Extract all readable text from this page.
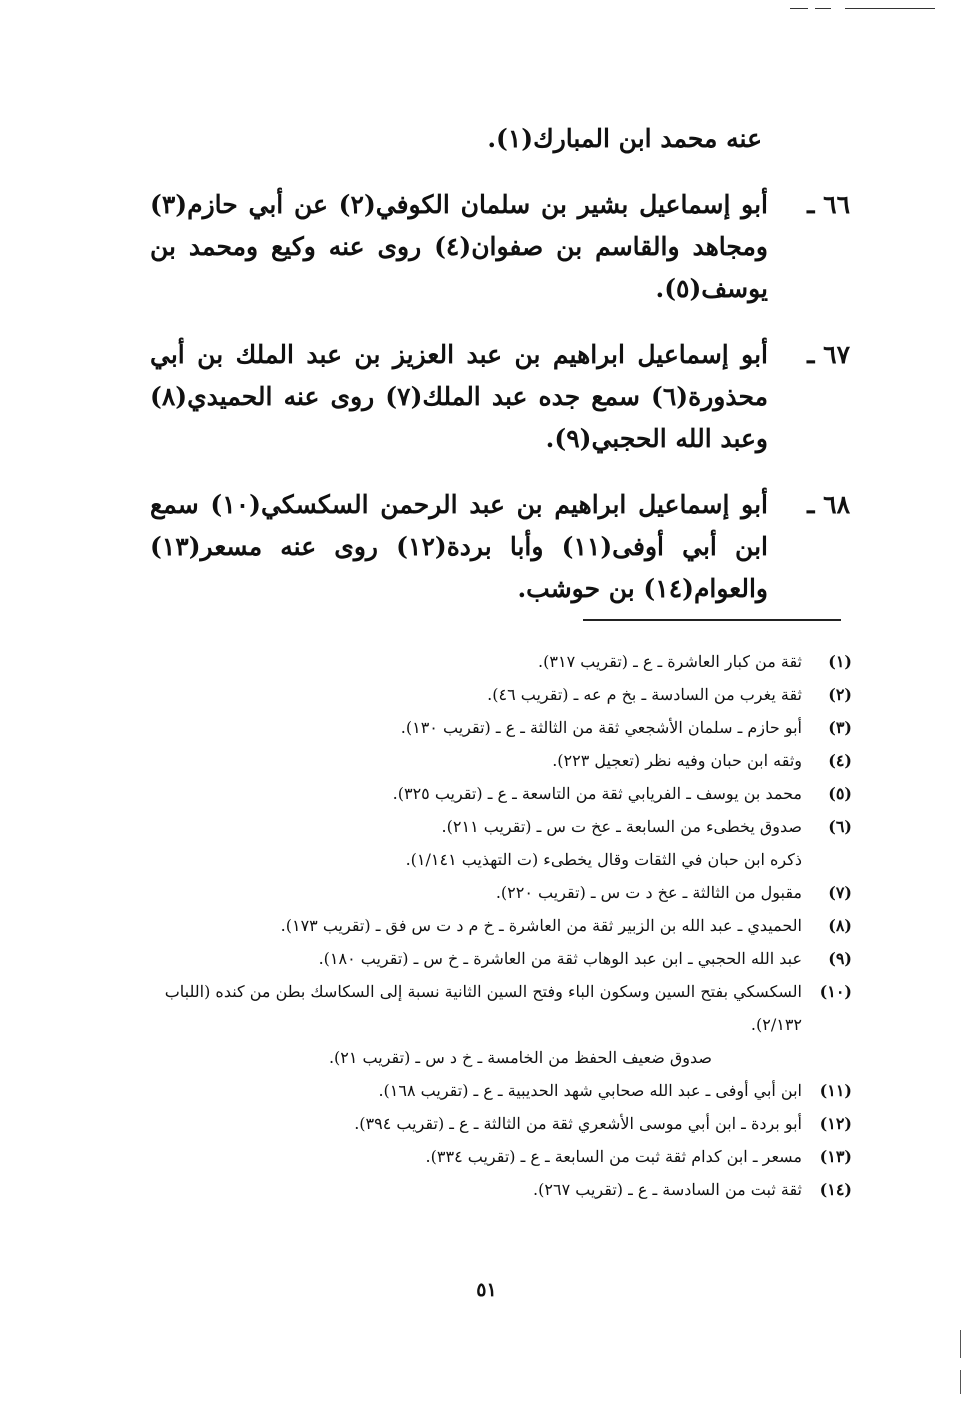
عنه محمد ابن المبارك(١).

٦٦ ـ
أبو إسماعيل بشير بن سلمان الكوفي(٢) عن أبي حازم(٣) ومجاهد والقاسم بن صفوان(٤) روى عنه وكيع ومحمد بن يوسف(٥).
٦٧ ـ
أبو إسماعيل ابراهيم بن عبد العزيز بن عبد الملك بن أبي محذورة(٦) سمع جده عبد الملك(٧) روى عنه الحميدي(٨) وعبد الله الحجبي(٩).
٦٨ ـ
أبو إسماعيل ابراهيم بن عبد الرحمن السكسكي(١٠) سمع ابن أبي أوفى(١١) وأبا بردة(١٢) روى عنه مسعر(١٣) والعوام(١٤) بن حوشب.
(١)
ثقة من كبار العاشرة ـ ع ـ (تقريب ٣١٧).
(٢)
ثقة يغرب من السادسة ـ بخ م عه ـ (تقريب ٤٦).
(٣)
أبو حازم ـ سلمان الأشجعي ثقة من الثالثة ـ ع ـ (تقريب ١٣٠).
(٤)
وثقه ابن حبان وفيه نظر (تعجيل ٢٢٣).
(٥)
محمد بن يوسف ـ الفريابي ثقة من التاسعة ـ ع ـ (تقريب ٣٢٥).
(٦)
صدوق يخطىء من السابعة ـ عخ ت س ـ (تقريب ٢١١).
ذكره ابن حبان في الثقات وقال يخطىء (ت التهذيب ١/١٤١).
(٧)
مقبول من الثالثة ـ عخ د ت س ـ (تقريب ٢٢٠).
(٨)
الحميدي ـ عبد الله بن الزبير ثقة من العاشرة ـ خ م د ت س فق ـ (تقريب ١٧٣).
(٩)
عبد الله الحجبي ـ ابن عبد الوهاب ثقة من العاشرة ـ خ س ـ (تقريب ١٨٠).
(١٠)
السكسكي بفتح السين وسكون الباء وفتح السين الثانية نسبة إلى السكاسك بطن من كنده (اللباب ٢/١٣٢).
صدوق ضعيف الحفظ من الخامسة ـ خ د س ـ (تقريب ٢١).
(١١)
ابن أبي أوفى ـ عبد الله صحابي شهد الحديبية ـ ع ـ (تقريب ١٦٨).
(١٢)
أبو بردة ـ ابن أبي موسى الأشعري ثقة من الثالثة ـ ع ـ (تقريب ٣٩٤).
(١٣)
مسعر ـ ابن كدام ثقة ثبت من السابعة ـ ع ـ (تقريب ٣٣٤).
(١٤)
ثقة ثبت من السادسة ـ ع ـ (تقريب ٢٦٧).
٥١
